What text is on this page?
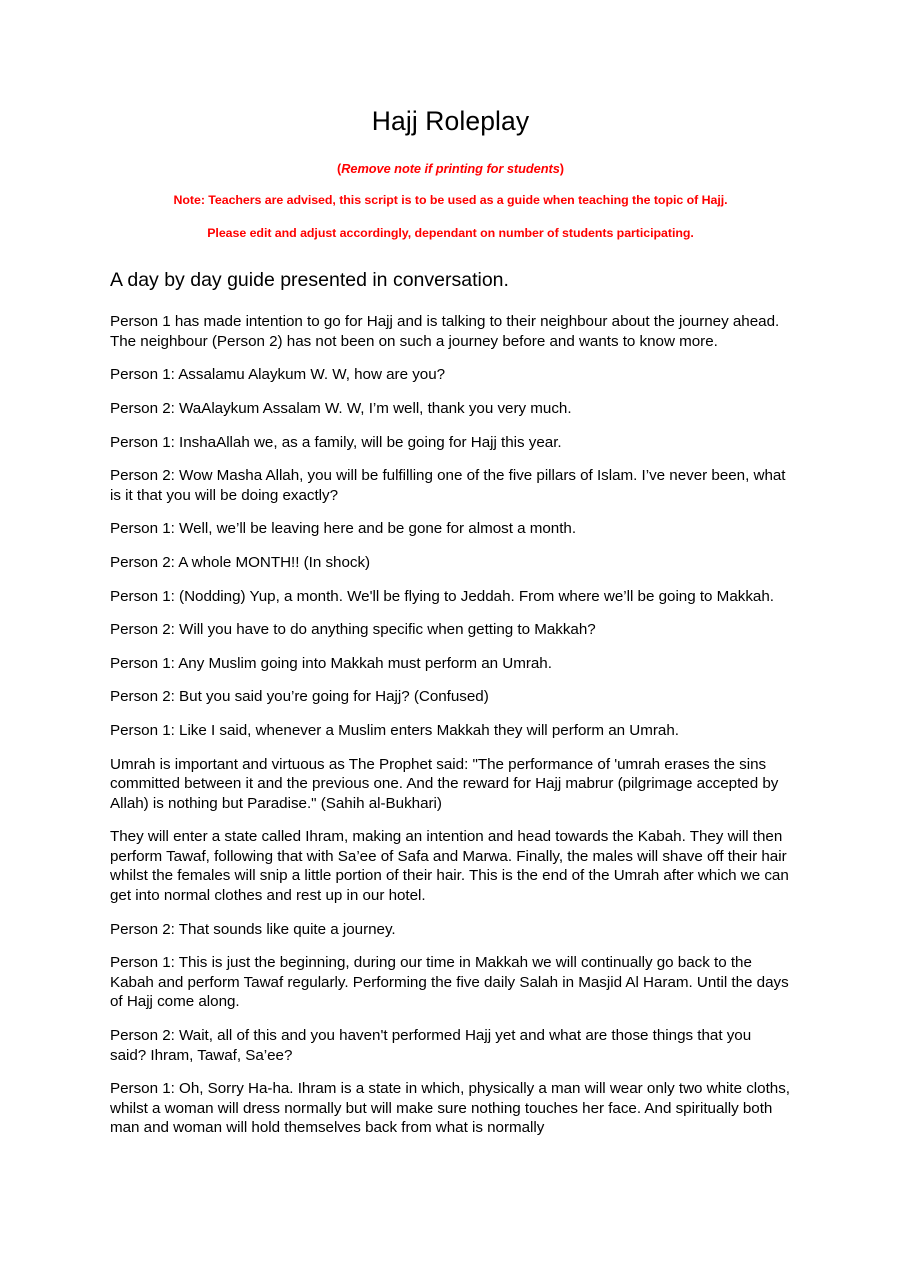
Hajj Roleplay
(Remove note if printing for students)
Note: Teachers are advised, this script is to be used as a guide when teaching the topic of Hajj.
Please edit and adjust accordingly, dependant on number of students participating.
A day by day guide presented in conversation.

Person 1 has made intention to go for Hajj and is talking to their neighbour about the journey ahead. The neighbour (Person 2) has not been on such a journey before and wants to know more.

Person 1: Assalamu Alaykum W. W, how are you?

Person 2: WaAlaykum Assalam W. W, I’m well, thank you very much.

Person 1: InshaAllah we, as a family, will be going for Hajj this year.

Person 2: Wow Masha Allah, you will be fulfilling one of the five pillars of Islam. I’ve never been, what is it that you will be doing exactly?

Person 1: Well, we’ll be leaving here and be gone for almost a month.

Person 2: A whole MONTH!! (In shock)

Person 1: (Nodding) Yup, a month. We'll be flying to Jeddah. From where we’ll be going to Makkah.

Person 2: Will you have to do anything specific when getting to Makkah?

Person 1: Any Muslim going into Makkah must perform an Umrah.

Person 2: But you said you’re going for Hajj? (Confused)

Person 1: Like I said, whenever a Muslim enters Makkah they will perform an Umrah.

Umrah is important and virtuous as The Prophet said: "The performance of 'umrah erases the sins committed between it and the previous one. And the reward for Hajj mabrur (pilgrimage accepted by Allah) is nothing but Paradise." (Sahih al-Bukhari)

They will enter a state called Ihram, making an intention and head towards the Kabah. They will then perform Tawaf, following that with Sa’ee of Safa and Marwa. Finally, the males will shave off their hair whilst the females will snip a little portion of their hair. This is the end of the Umrah after which we can get into normal clothes and rest up in our hotel.

Person 2: That sounds like quite a journey.

Person 1: This is just the beginning, during our time in Makkah we will continually go back to the Kabah and perform Tawaf regularly. Performing the five daily Salah in Masjid Al Haram. Until the days of Hajj come along.

Person 2: Wait, all of this and you haven't performed Hajj yet and what are those things that you said? Ihram, Tawaf, Sa’ee?

Person 1: Oh, Sorry Ha-ha. Ihram is a state in which, physically a man will wear only two white cloths, whilst a woman will dress normally but will make sure nothing touches her face. And spiritually both man and woman will hold themselves back from what is normally
